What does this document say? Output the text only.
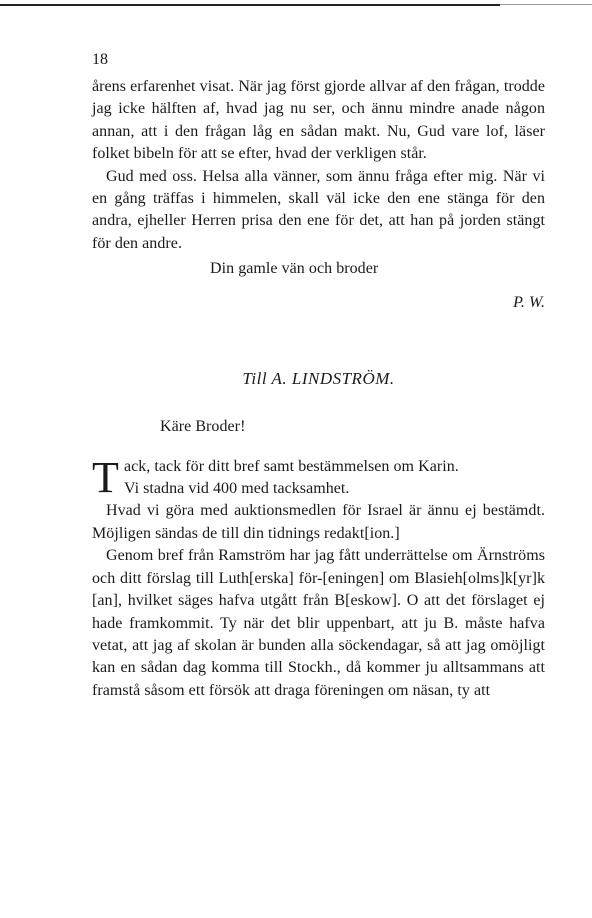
18

årens erfarenhet visat. När jag först gjorde allvar af den frågan, trodde jag icke hälften af, hvad jag nu ser, och ännu mindre anade någon annan, att i den frågan låg en sådan makt. Nu, Gud vare lof, läser folket bibeln för att se efter, hvad der verkligen står.

Gud med oss. Helsa alla vänner, som ännu fråga efter mig. När vi en gång träffas i himmelen, skall väl icke den ene stänga för den andra, ejheller Herren prisa den ene för det, att han på jorden stängt för den andre.

Din gamle vän och broder

P. W.
Till A. LINDSTRÖM.
Käre Broder!
T ack, tack för ditt bref samt bestämmelsen om Karin.
Vi stadna vid 400 med tacksamhet.

Hvad vi göra med auktionsmedlen för Israel är ännu ej bestämdt. Möjligen sändas de till din tidnings redakt[ion.]

Genom bref från Ramström har jag fått underrättelse om Ärnströms och ditt förslag till Luth[erska] för-[eningen] om Blasieh[olms]k[yr]k [an], hvilket säges hafva utgått från B[eskow]. O att det förslaget ej hade framkommit. Ty när det blir uppenbart, att ju B. måste hafva vetat, att jag af skolan är bunden alla söckendagar, så att jag omöjligt kan en sådan dag komma till Stockh., då kommer ju alltsammans att framstå såsom ett försök att draga föreningen om näsan, ty att
